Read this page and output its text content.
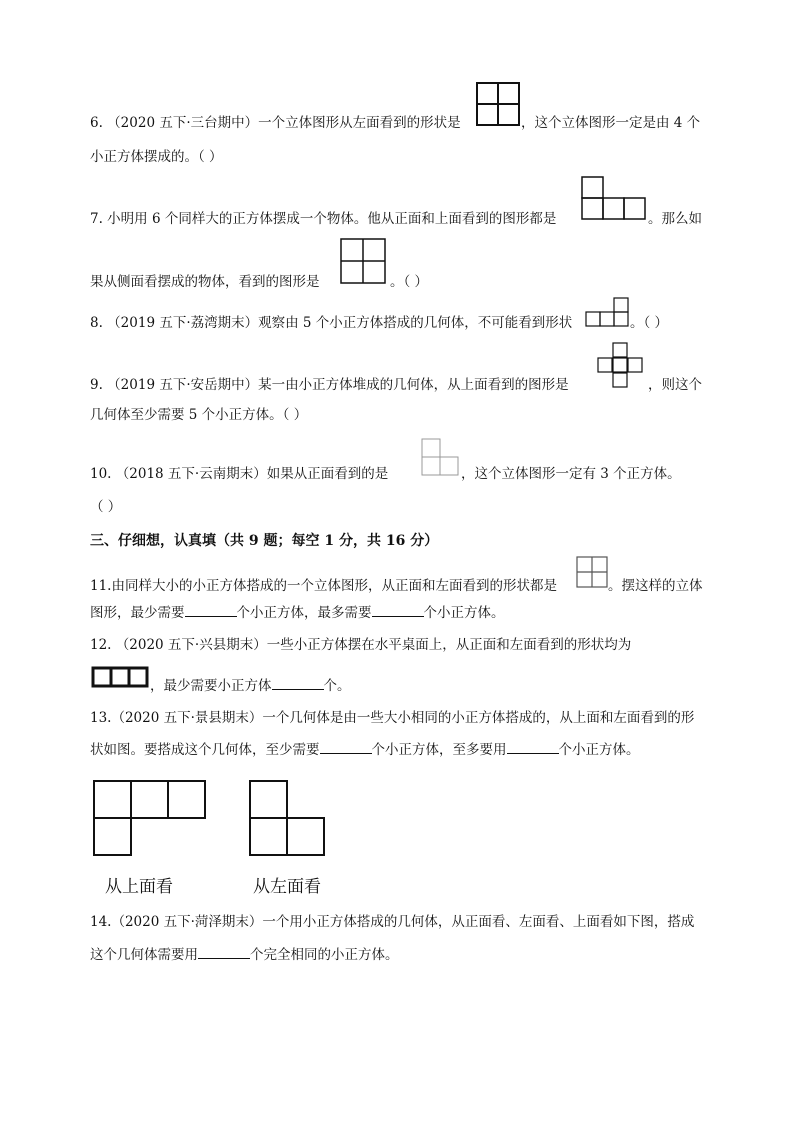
6. （2020 五下·三台期中）一个立体图形从左面看到的形状是	，这个立体图形一定是由 4 个
小正方体摆成的。（ ）
7. 小明用 6 个同样大的正方体摆成一个物体。他从正面和上面看到的图形都是	。那么如
果从侧面看摆成的物体，看到的图形是	。（ ）
8. （2019 五下·荔湾期末）观察由 5 个小正方体搭成的几何体，不可能看到形状	。（ ）
9. （2019 五下·安岳期中）某一由小正方体堆成的几何体，从上面看到的图形是	，则这个
几何体至少需要 5 个小正方体。（ ）
10. （2018 五下·云南期末）如果从正面看到的是	，这个立体图形一定有 3 个正方体。
（ ）
三、仔细想，认真填（共 9 题；每空 1 分，共 16 分）
11.由同样大小的小正方体搭成的一个立体图形，从正面和左面看到的形状都是	。摆这样的立体
图形，最少需要	个小正方体，最多需要	个小正方体。
12. （2020 五下·兴县期末）一些小正方体摆在水平桌面上，从正面和左面看到的形状均为
，最少需要小正方体	个。
13.（2020 五下·景县期末）一个几何体是由一些大小相同的小正方体搭成的，从上面和左面看到的形
状如图。要搭成这个几何体，至少需要	个小正方体，至多要用	个小正方体。
从上面看	从左面看
14.（2020 五下·菏泽期末）一个用小正方体搭成的几何体，从正面看、左面看、上面看如下图，搭成
这个几何体需要用	个完全相同的小正方体。
